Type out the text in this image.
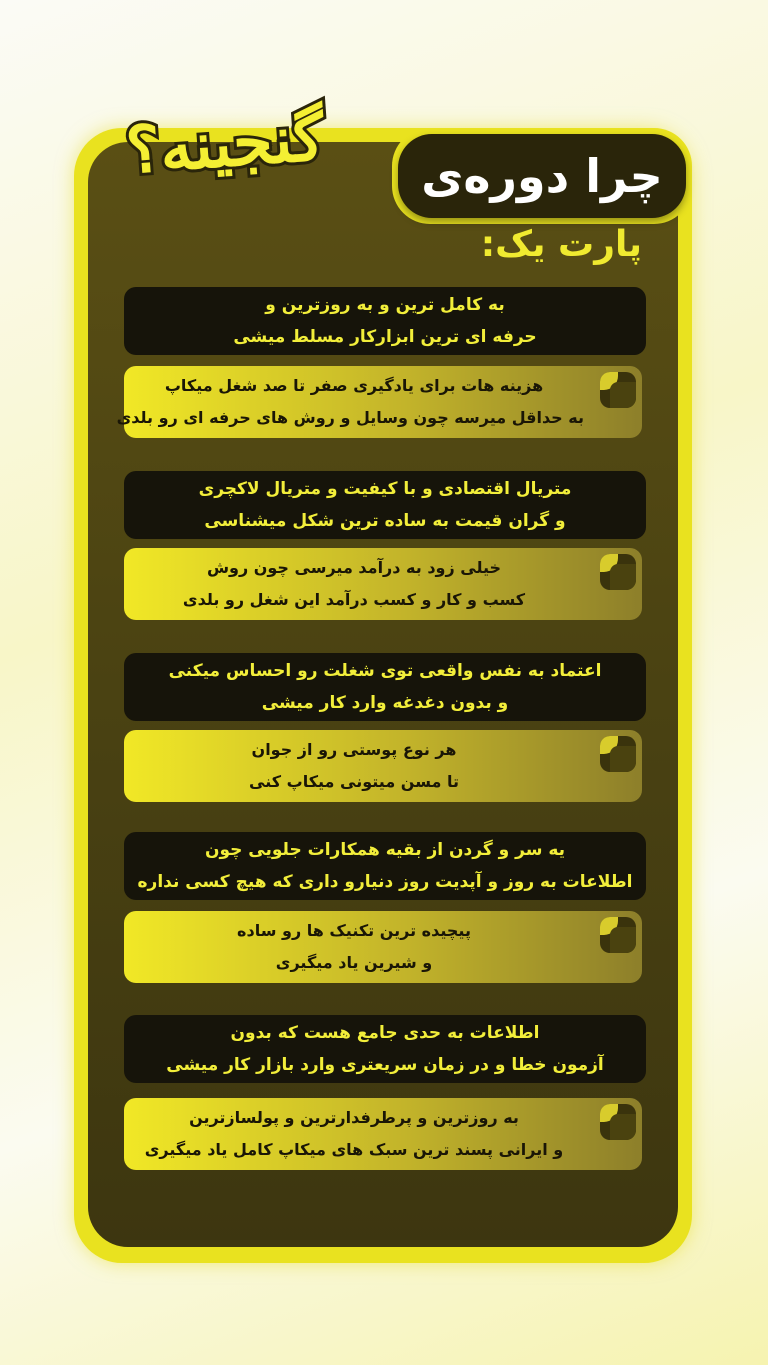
چرا دوره‌ی
گنجینه؟
پارت یک:
به کامل ترین و به روزترین و
حرفه ای ترین ابزارکار مسلط میشی
هزینه هات برای یادگیری صفر تا صد شغل میکاپ
به حداقل میرسه چون وسایل و روش های حرفه ای رو بلدی
متریال اقتصادی و با کیفیت و متریال لاکچری
و گران قیمت به ساده ترین شکل میشناسی
خیلی زود به درآمد میرسی چون روش
کسب و کار و کسب درآمد این شغل رو بلدی
اعتماد به نفس واقعی توی شغلت رو احساس میکنی
و بدون دغدغه وارد کار میشی
هر نوع پوستی رو از جوان
تا مسن میتونی میکاپ کنی
یه سر و گردن از بقیه همکارات جلویی چون
اطلاعات به روز و آپدیت روز دنیارو داری که هیچ کسی نداره
پیچیده ترین تکنیک ها رو ساده
و شیرین یاد میگیری
اطلاعات به حدی جامع هست که بدون
آزمون خطا و در زمان سریعتری وارد بازار کار میشی
به روزترین و پرطرفدارترین و پولسازترین
و ایرانی پسند ترین سبک های میکاپ کامل یاد میگیری
